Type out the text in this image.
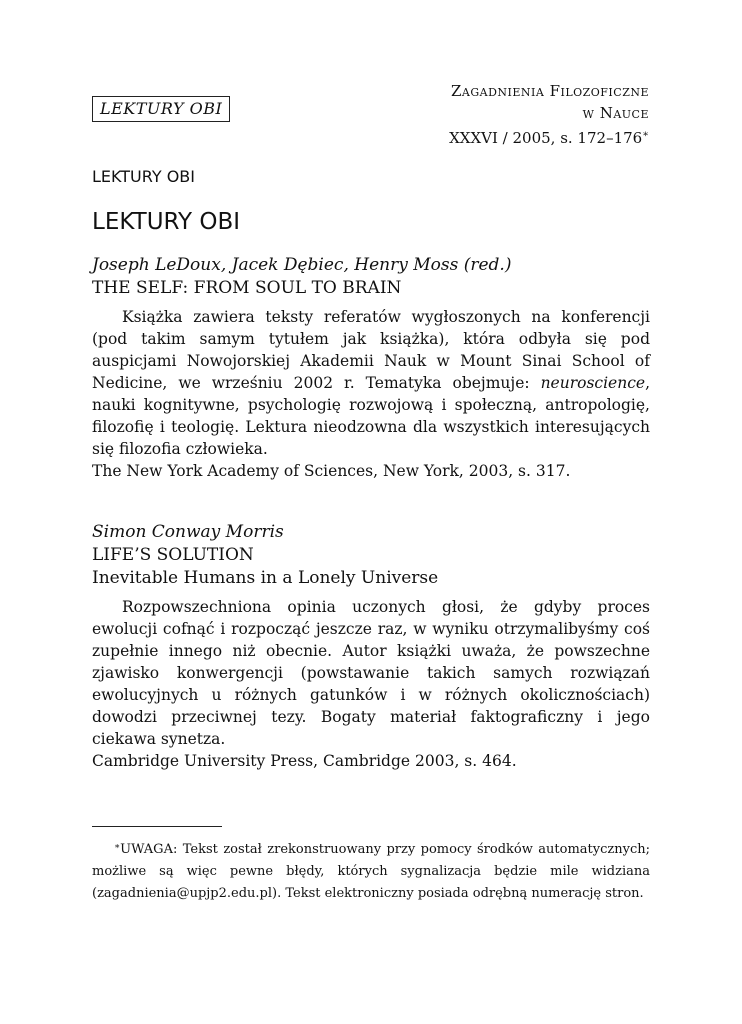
LEKTURY OBI
Zagadnienia Filozoficzne
w Nauce
XXXVI / 2005, s. 172–176∗
LEKTURY OBI
LEKTURY OBI
Joseph LeDoux, Jacek Dębiec, Henry Moss (red.)
THE SELF: FROM SOUL TO BRAIN
Książka zawiera teksty referatów wygłoszonych na konferencji (pod takim samym tytułem jak książka), która odbyła się pod auspicjami Nowojorskiej Akademii Nauk w Mount Sinai School of Nedicine, we wrześniu 2002 r. Tematyka obejmuje: neuroscience, nauki kognitywne, psychologię rozwojową i społeczną, antropologię, filozofię i teologię. Lektura nieodzowna dla wszystkich interesujących się filozofia człowieka.
The New York Academy of Sciences, New York, 2003, s. 317.
Simon Conway Morris
LIFE’S SOLUTION
Inevitable Humans in a Lonely Universe
Rozpowszechniona opinia uczonych głosi, że gdyby proces ewolucji cofnąć i rozpocząć jeszcze raz, w wyniku otrzymalibyśmy coś zupełnie innego niż obecnie. Autor książki uważa, że powszechne zjawisko konwergencji (powstawanie takich samych rozwiązań ewolucyjnych u różnych gatunków i w różnych okolicznościach) dowodzi przeciwnej tezy. Bogaty materiał faktograficzny i jego ciekawa synetza.
Cambridge University Press, Cambridge 2003, s. 464.
∗UWAGA: Tekst został zrekonstruowany przy pomocy środków automatycznych; możliwe są więc pewne błędy, których sygnalizacja będzie mile widziana (zagadnienia@upjp2.edu.pl). Tekst elektroniczny posiada odrębną numerację stron.
